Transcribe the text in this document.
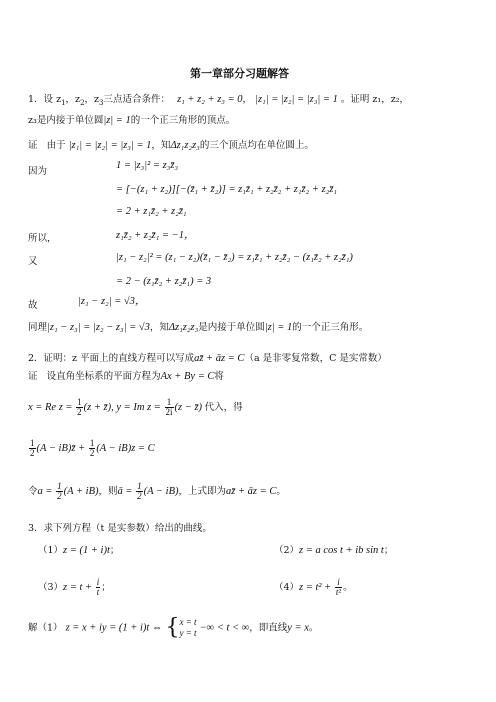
第一章部分习题解答
1．设 $z_1$，$z_2$，$z_3$三点适合条件： z₁ + z₂ + z₃ = 0， |z₁| = |z₂| = |z₃| = 1 。证明 z₁，z₂，
z₃是内接于单位圆|z| = 1的一个正三角形的顶点。
证 由于 |z₁| = |z₂| = |z₃| = 1，知Δz₁z₂z₃的三个顶点均在单位圆上。
因为
1 = |z₃|² = z₃z̄₃
= [−(z₁ + z₂)][−(z̄₁ + z̄₂)] = z₁z̄₁ + z₂z̄₂ + z₁z̄₂ + z₂z̄₁
= 2 + z₁z̄₂ + z₂z̄₁
所以，	z₁z̄₂ + z₂z̄₁ = −1，
又	|z₁ − z₂|² = (z₁ − z₂)(z̄₁ − z̄₂) = z₁z̄₁ + z₂z̄₂ − (z₁z̄₂ + z₂z̄₁)
= 2 − (z₁z̄₂ + z₂z̄₁) = 3
故	|z₁ − z₂| = √3，
同理|z₁ − z₃| = |z₂ − z₃| = √3，知Δz₁z₂z₃是内接于单位圆|z| = 1的一个正三角形。
2．证明：z 平面上的直线方程可以写成az̄ + āz = C（a 是非零复常数，C 是实常数）
证 设直角坐标系的平面方程为Ax + By = C将
x = Re $z = \frac{1}{2} (z$ + z̄), y = Im $z = \frac{1}{2i} (z$ − z̄) 代入，得
$\frac{1}{2} (A$ − iB)z̄ + $\frac{1}{2} (A - iB)z = C$
令$a = \frac{1}{2} (A + iB)$，则ā = $\frac{1}{2} (A - iB)$，上式即为az̄ + āz = C。
3．求下列方程（t 是实参数）给出的曲线。
（1）z = (1 + i)t；	（2）z = a cos t + ib sin t；
$(3)z = t + \frac{i}{t}$ ；	$(4)z = t^2 + \frac{i}{\text{t²}}$ 。
解（1） z = x + iy = (1 + i)t ⇔ { x = t
y = t −∞ < t < ∞，即直线y = x。
